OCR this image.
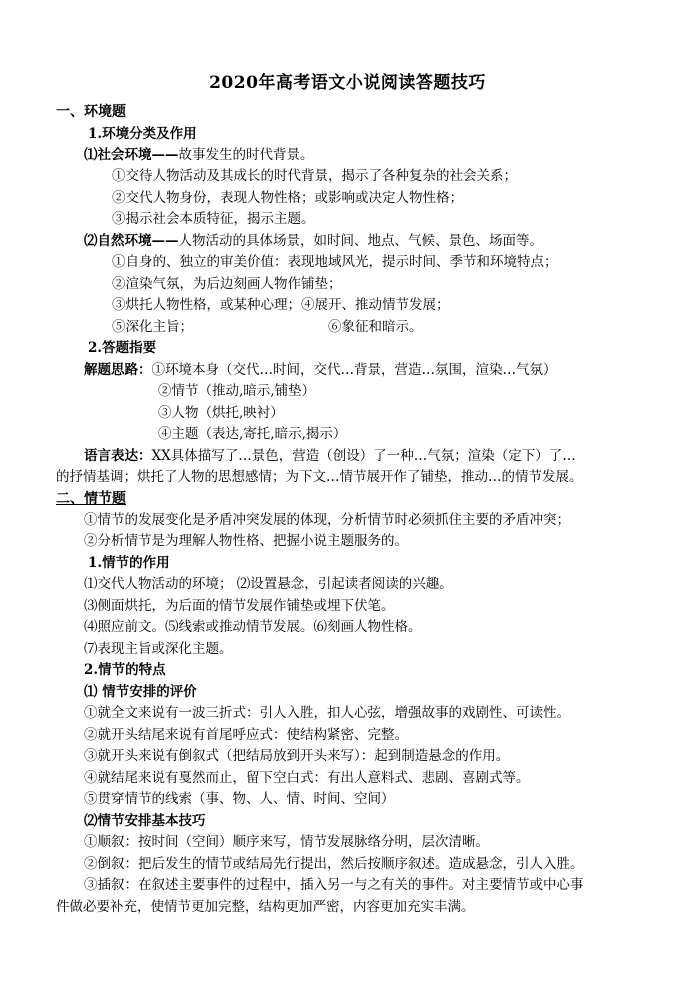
2020年高考语文小说阅读答题技巧
一、环境题
1.环境分类及作用
⑴社会环境——故事发生的时代背景。
①交待人物活动及其成长的时代背景，揭示了各种复杂的社会关系；
②交代人物身份，表现人物性格；或影响或决定人物性格；
③揭示社会本质特征，揭示主题。
⑵自然环境——人物活动的具体场景，如时间、地点、气候、景色、场面等。
①自身的、独立的审美价值：表现地域风光，提示时间、季节和环境特点；
②渲染气氛，为后边刻画人物作铺垫；
③烘托人物性格，或某种心理；④展开、推动情节发展；
⑤深化主旨；	⑥象征和暗示。
2.答题指要
解题思路：①环境本身（交代…时间，交代…背景，营造…氛围，渲染…气氛）
②情节（推动,暗示,铺垫）
③人物（烘托,映衬）
④主题（表达,寄托,暗示,揭示）
语言表达：XX具体描写了…景色，营造（创设）了一种…气氛；渲染（定下）了…
的抒情基调；烘托了人物的思想感情；为下文…情节展开作了铺垫，推动…的情节发展。
二、情节题
①情节的发展变化是矛盾冲突发展的体现，分析情节时必须抓住主要的矛盾冲突；
②分析情节是为理解人物性格、把握小说主题服务的。
1.情节的作用
⑴交代人物活动的环境； ⑵设置悬念，引起读者阅读的兴趣。
⑶侧面烘托，为后面的情节发展作铺垫或埋下伏笔。
⑷照应前文。⑸线索或推动情节发展。⑹刻画人物性格。
⑺表现主旨或深化主题。
2.情节的特点
⑴ 情节安排的评价
①就全文来说有一波三折式：引人入胜，扣人心弦，增强故事的戏剧性、可读性。
②就开头结尾来说有首尾呼应式：使结构紧密、完整。
③就开头来说有倒叙式（把结局放到开头来写）：起到制造悬念的作用。
④就结尾来说有戛然而止，留下空白式：有出人意料式、悲剧、喜剧式等。
⑤贯穿情节的线索（事、物、人、情、时间、空间）
⑵情节安排基本技巧
①顺叙：按时间（空间）顺序来写，情节发展脉络分明，层次清晰。
②倒叙：把后发生的情节或结局先行提出，然后按顺序叙述。造成悬念，引人入胜。
③插叙：在叙述主要事件的过程中，插入另一与之有关的事件。对主要情节或中心事
件做必要补充，使情节更加完整，结构更加严密，内容更加充实丰满。
